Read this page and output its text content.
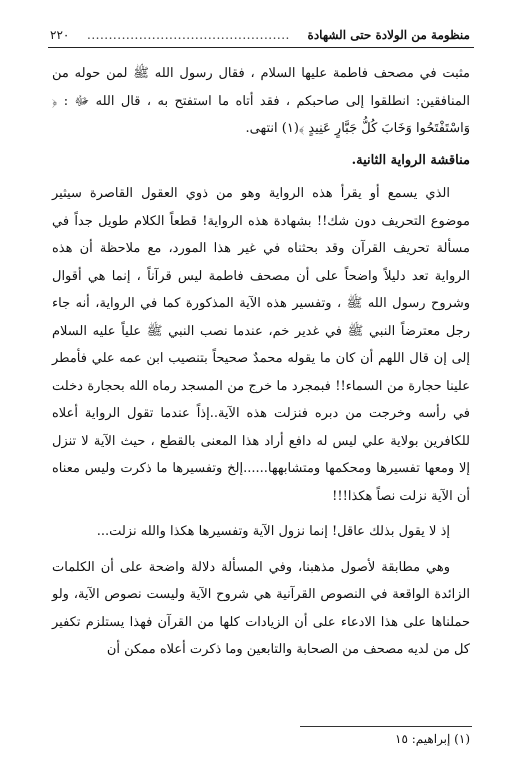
٢٢٠ ............................................... منظومة من الولادة حتى الشهادة

مثبت في مصحف فاطمة عليها السلام ، فقال رسول الله ﷺ لمن حوله من المنافقين: انطلقوا إلى صاحبكم ، فقد أتاه ما استفتح به ، قال الله ﷻ : ﴿ وَاسْتَفْتَحُوا وَخَابَ كُلُّ جَبَّارٍ عَنِيدٍ ﴾(١) انتهى.

مناقشة الرواية الثانية.

الذي يسمع أو يقرأ هذه الرواية وهو من ذوي العقول القاصرة سيثير موضوع التحريف دون شك!! بشهادة هذه الرواية! قطعاً الكلام طويل جداً في مسألة تحريف القرآن وقد بحثناه في غير هذا المورد، مع ملاحظة أن هذه الرواية تعد دليلاً واضحاً على أن مصحف فاطمة ليس قرآناً ، إنما هي أقوال وشروح رسول الله ﷺ ، وتفسير هذه الآية المذكورة كما في الرواية، أنه جاء رجل معترضاً النبي ﷺ في غدير خم، عندما نصب النبي ﷺ علياً عليه السلام إلى إن قال اللهم أن كان ما يقوله محمدٌ صحيحاً بتنصيب ابن عمه علي فأمطر علينا حجارة من السماء!! فبمجرد ما خرج من المسجد رماه الله بحجارة دخلت في رأسه وخرجت من دبره فنزلت هذه الآية..إذاً عندما تقول الرواية أعلاه للكافرين بولاية علي ليس له دافع أراد هذا المعنى بالقطع ، حيث الآية لا تنزل إلا ومعها تفسيرها ومحكمها ومتشابهها......إلخ وتفسيرها ما ذكرت وليس معناه أن الآية نزلت نصاً هكذا!!!

إذ لا يقول بذلك عاقل! إنما نزول الآية وتفسيرها هكذا والله نزلت...

وهي مطابقة لأصول مذهبنا، وفي المسألة دلالة واضحة على أن الكلمات الزائدة الواقعة في النصوص القرآنية هي شروح الآية وليست نصوص الآية، ولو حملناها على هذا الادعاء على أن الزيادات كلها من القرآن فهذا يستلزم تكفير كل من لديه مصحف من الصحابة والتابعين وما ذكرت أعلاه ممكن أن

(١) إبراهيم: ١٥
